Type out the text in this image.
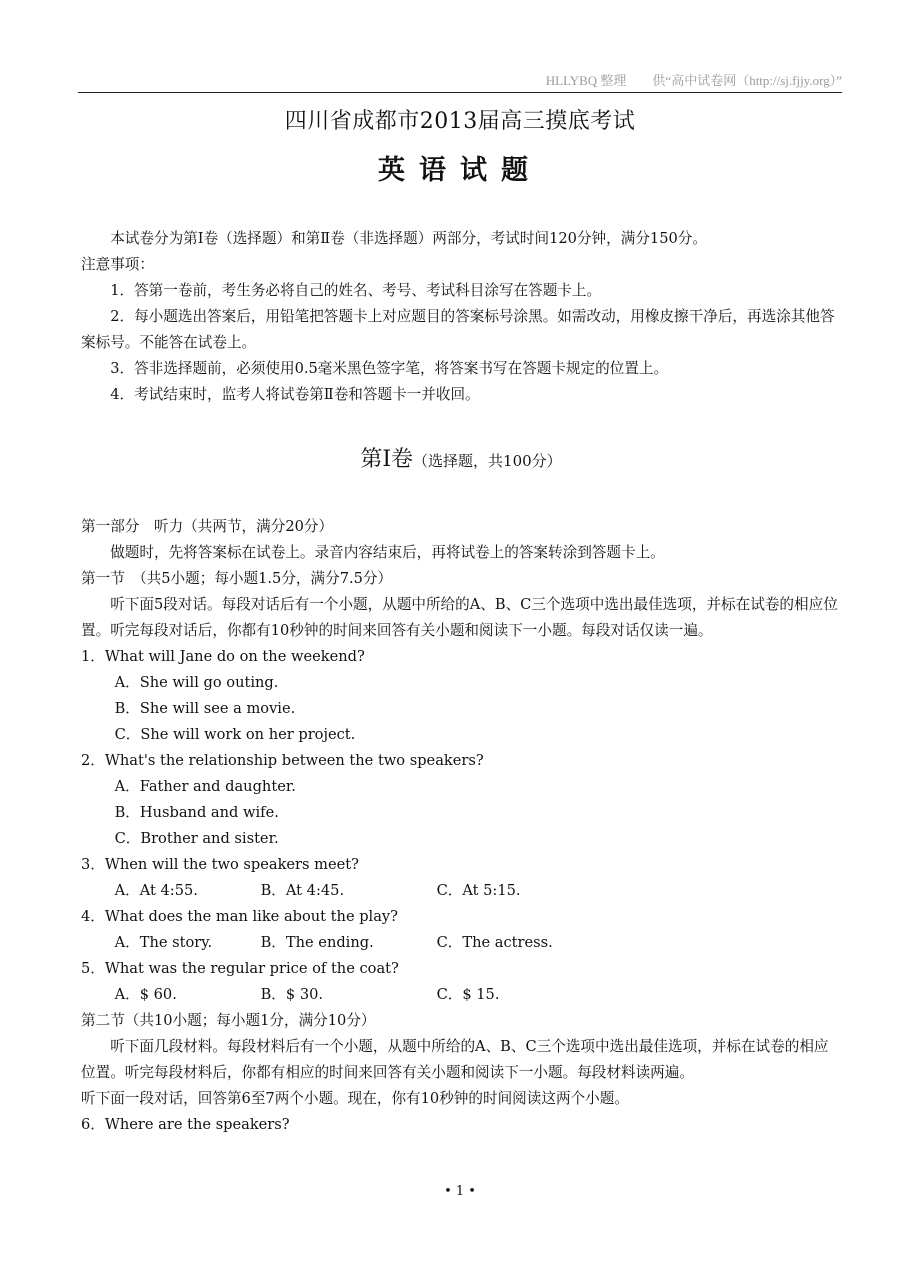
HLLYBQ 整理 供“高中试卷网（http://sj.fjjy.org）”
四川省成都市2013届高三摸底考试
英语试题

本试卷分为第Ⅰ卷（选择题）和第Ⅱ卷（非选择题）两部分，考试时间120分钟，满分150分。

注意事项：

1．答第一卷前，考生务必将自己的姓名、考号、考试科目涂写在答题卡上。

2．每小题选出答案后，用铅笔把答题卡上对应题目的答案标号涂黑。如需改动，用橡皮擦干净后，再选涂其他答案标号。不能答在试卷上。

3．答非选择题前，必须使用0.5毫米黑色签字笔，将答案书写在答题卡规定的位置上。

4．考试结束时，监考人将试卷第Ⅱ卷和答题卡一并收回。

第Ⅰ卷（选择题，共100分）

第一部分　听力（共两节，满分20分）

做题时，先将答案标在试卷上。录音内容结束后，再将试卷上的答案转涂到答题卡上。

第一节　（共5小题；每小题1.5分，满分7.5分）

听下面5段对话。每段对话后有一个小题，从题中所给的A、B、C三个选项中选出最佳选项，并标在试卷的相应位置。听完每段对话后，你都有10秒钟的时间来回答有关小题和阅读下一小题。每段对话仅读一遍。

1．What will Jane do on the weekend?

A．She will go outing.

B．She will see a movie.

C．She will work on her project.

2．What's the relationship between the two speakers?

A．Father and daughter.

B．Husband and wife.

C．Brother and sister.

3．When will the two speakers meet?

A．At 4:55.	B．At 4:45.	C．At 5:15.

4．What does the man like about the play?

A．The story.	B．The ending.	C．The actress.

5．What was the regular price of the coat?

A．$ 60.	B．$ 30.	C．$ 15.

第二节（共10小题；每小题1分，满分10分）

听下面几段材料。每段材料后有一个小题，从题中所给的A、B、C三个选项中选出最佳选项，并标在试卷的相应位置。听完每段材料后，你都有相应的时间来回答有关小题和阅读下一小题。每段材料读两遍。

听下面一段对话，回答第6至7两个小题。现在，你有10秒钟的时间阅读这两个小题。

6．Where are the speakers?

• 1 •
